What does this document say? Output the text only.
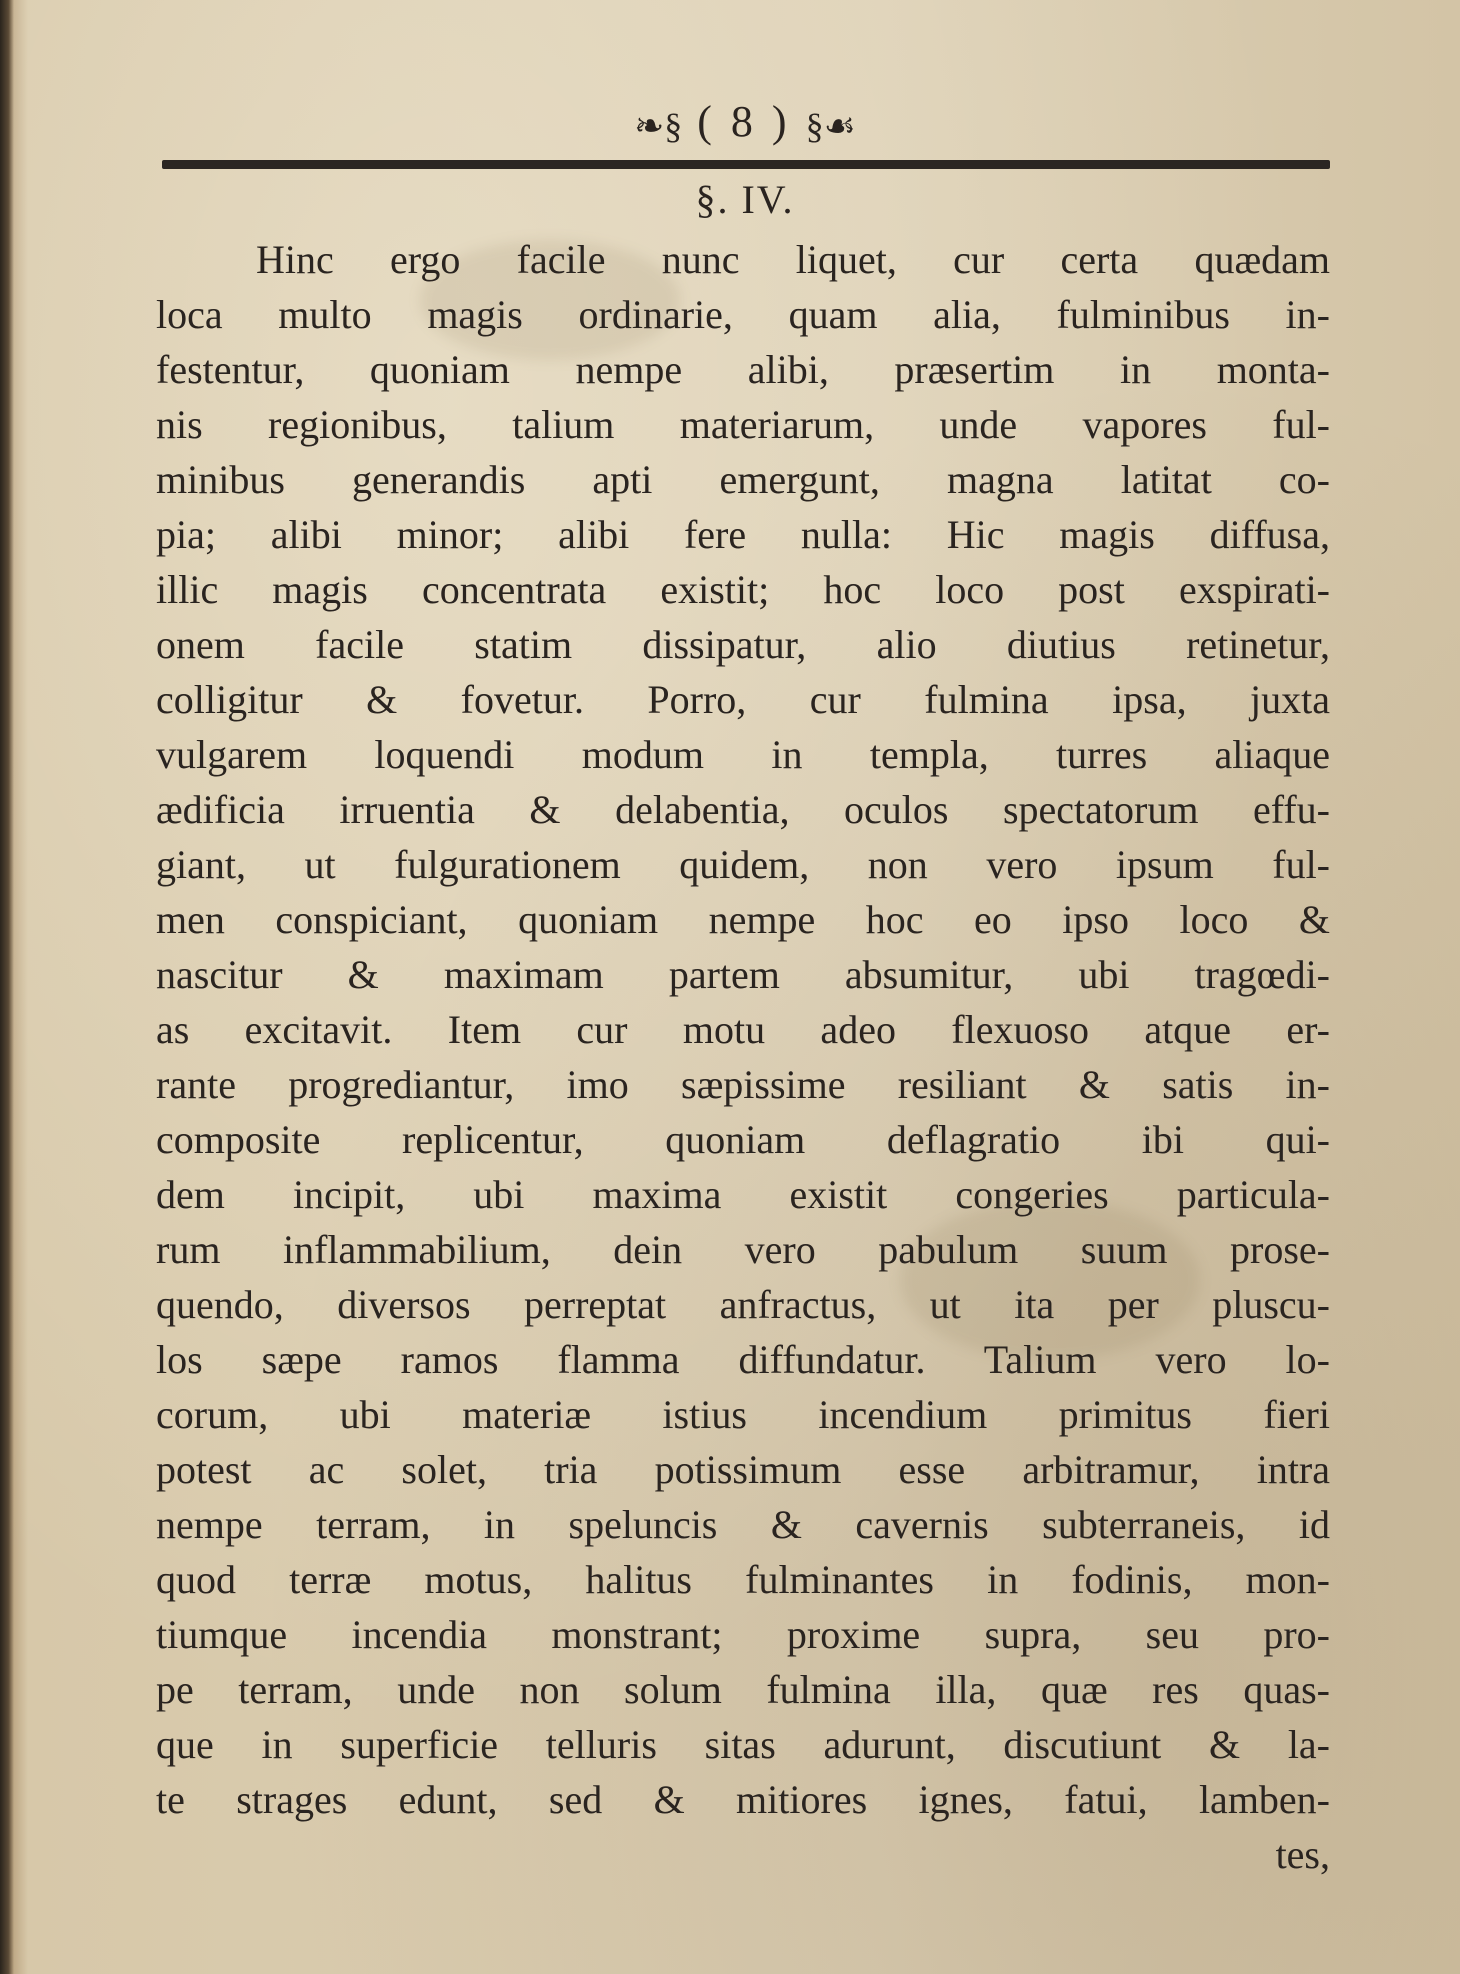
❧§ ( 8 ) §☙
§. IV.
Hinc ergo facile nunc liquet, cur certa quædam
loca multo magis ordinarie, quam alia, fulminibus in-
festentur, quoniam nempe alibi, præsertim in monta-
nis regionibus, talium materiarum, unde vapores ful-
minibus generandis apti emergunt, magna latitat co-
pia; alibi minor; alibi fere nulla: Hic magis diffusa,
illic magis concentrata existit; hoc loco post exspirati-
onem facile statim dissipatur, alio diutius retinetur,
colligitur & fovetur. Porro, cur fulmina ipsa, juxta
vulgarem loquendi modum in templa, turres aliaque
ædificia irruentia & delabentia, oculos spectatorum effu-
giant, ut fulgurationem quidem, non vero ipsum ful-
men conspiciant, quoniam nempe hoc eo ipso loco &
nascitur & maximam partem absumitur, ubi tragœdi-
as excitavit. Item cur motu adeo flexuoso atque er-
rante progrediantur, imo sæpissime resiliant & satis in-
composite replicentur, quoniam deflagratio ibi qui-
dem incipit, ubi maxima existit congeries particula-
rum inflammabilium, dein vero pabulum suum prose-
quendo, diversos perreptat anfractus, ut ita per pluscu-
los sæpe ramos flamma diffundatur. Talium vero lo-
corum, ubi materiæ istius incendium primitus fieri
potest ac solet, tria potissimum esse arbitramur, intra
nempe terram, in speluncis & cavernis subterraneis, id
quod terræ motus, halitus fulminantes in fodinis, mon-
tiumque incendia monstrant; proxime supra, seu pro-
pe terram, unde non solum fulmina illa, quæ res quas-
que in superficie telluris sitas adurunt, discutiunt & la-
te strages edunt, sed & mitiores ignes, fatui, lamben-
tes,
